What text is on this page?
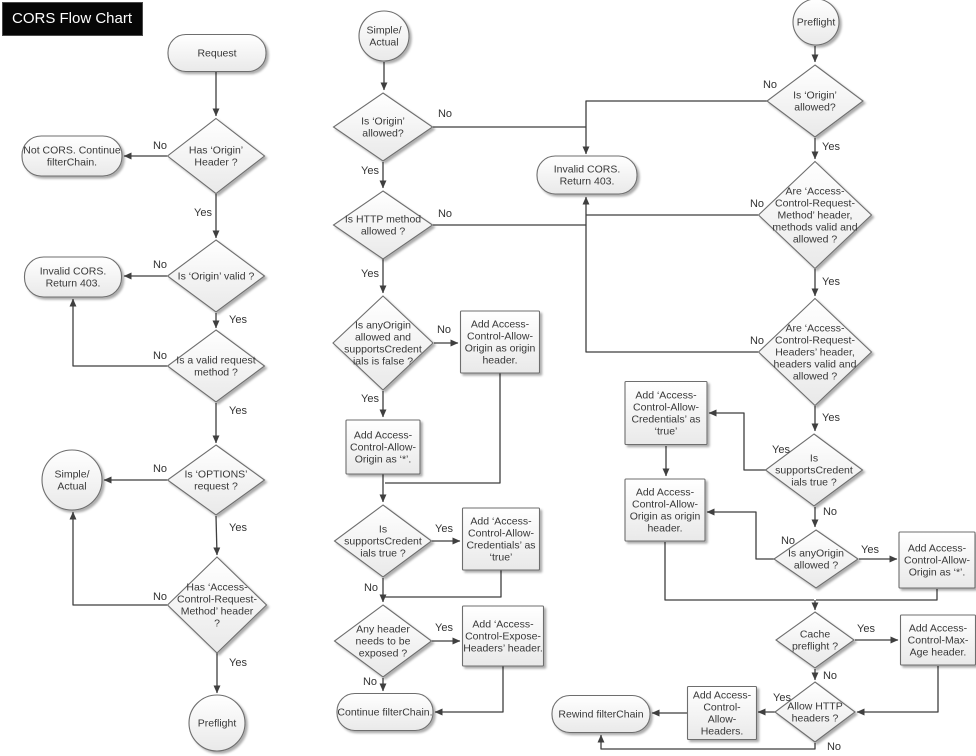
CORS Flow Chart
Request
Has ‘Origin’ Header ?
Not CORS. Continue filterChain.
Is ‘Origin’ valid ?
Invalid CORS. Return 403.
Is a valid request method ?
Is ‘OPTIONS’ request ?
Simple/ Actual
Has ‘Access-Control-Request-Method’ header ?
Preflight
Simple/ Actual
Is ‘Origin’ allowed?
Is HTTP method allowed ?
Is anyOrigin allowed and supportsCredent ials is false ?
Add Access-Control-Allow-Origin as origin header.
Add Access-Control-Allow-Origin as ‘*’.
Is supportsCredent ials true ?
Add ‘Access-Control-Allow-Credentials’ as ‘true’
Any header needs to be exposed ?
Add ‘Access-Control-Expose-Headers’ header.
Continue filterChain.
Invalid CORS. Return 403.
Preflight
Is ‘Origin’ allowed?
Are ‘Access-Control-Request-Method’ header, methods valid and allowed ?
Are ‘Access-Control-Request-Headers’ header, headers valid and allowed ?
Is supportsCredent ials true ?
Add ‘Access-Control-Allow-Credentials’ as ‘true’
Add Access-Control-Allow-Origin as origin header.
Is anyOrigin allowed ?
Add Access-Control-Allow-Origin as ‘*’.
Cache preflight ?
Add Access-Control-Max-Age header.
Allow HTTP headers ?
Add Access-Control-Allow-Headers.
Rewind filterChain
No
Yes
No
Yes
No
Yes
No
Yes
No
Yes
No
Yes
No
Yes
No
Yes
Yes
No
Yes
No
No
No
No
Yes
Yes
Yes
Yes
No
No
Yes
Yes
No
Yes
No
